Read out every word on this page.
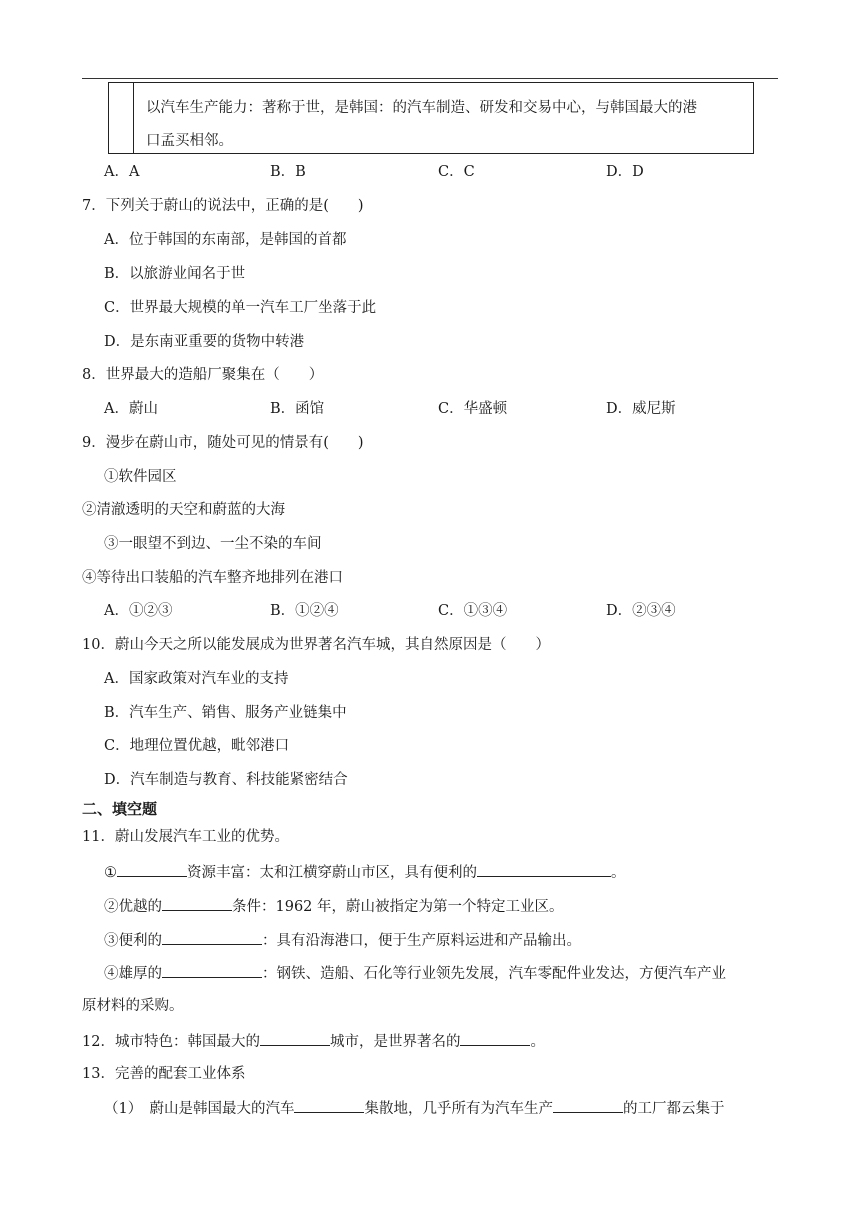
以汽车生产能力：著称于世，是韩国：的汽车制造、研发和交易中心，与韩国最大的港
口孟买相邻。
A．A	B．B	C．C	D．D
7．下列关于蔚山的说法中，正确的是(　　)
A．位于韩国的东南部，是韩国的首都
B．以旅游业闻名于世
C．世界最大规模的单一汽车工厂坐落于此
D．是东南亚重要的货物中转港
8．世界最大的造船厂聚集在（　　）
A．蔚山	B．函馆	C．华盛顿	D．威尼斯
9．漫步在蔚山市，随处可见的情景有(　　)
①软件园区
②清澈透明的天空和蔚蓝的大海
③一眼望不到边、一尘不染的车间
④等待出口装船的汽车整齐地排列在港口
A．①②③	B．①②④	C．①③④	D．②③④
10．蔚山今天之所以能发展成为世界著名汽车城，其自然原因是（　　）
A．国家政策对汽车业的支持
B．汽车生产、销售、服务产业链集中
C．地理位置优越，毗邻港口
D．汽车制造与教育、科技能紧密结合
二、填空题
11．蔚山发展汽车工业的优势。
①	资源丰富：太和江横穿蔚山市区，具有便利的	。
②优越的	条件：1962 年，蔚山被指定为第一个特定工业区。
③便利的	：具有沿海港口，便于生产原料运进和产品输出。
④雄厚的	：钢铁、造船、石化等行业领先发展，汽车零配件业发达，方便汽车产业
原材料的采购。
12．城市特色：韩国最大的	城市，是世界著名的	。
13．完善的配套工业体系
（1）　蔚山是韩国最大的汽车	集散地，几乎所有为汽车生产	的工厂都云集于
